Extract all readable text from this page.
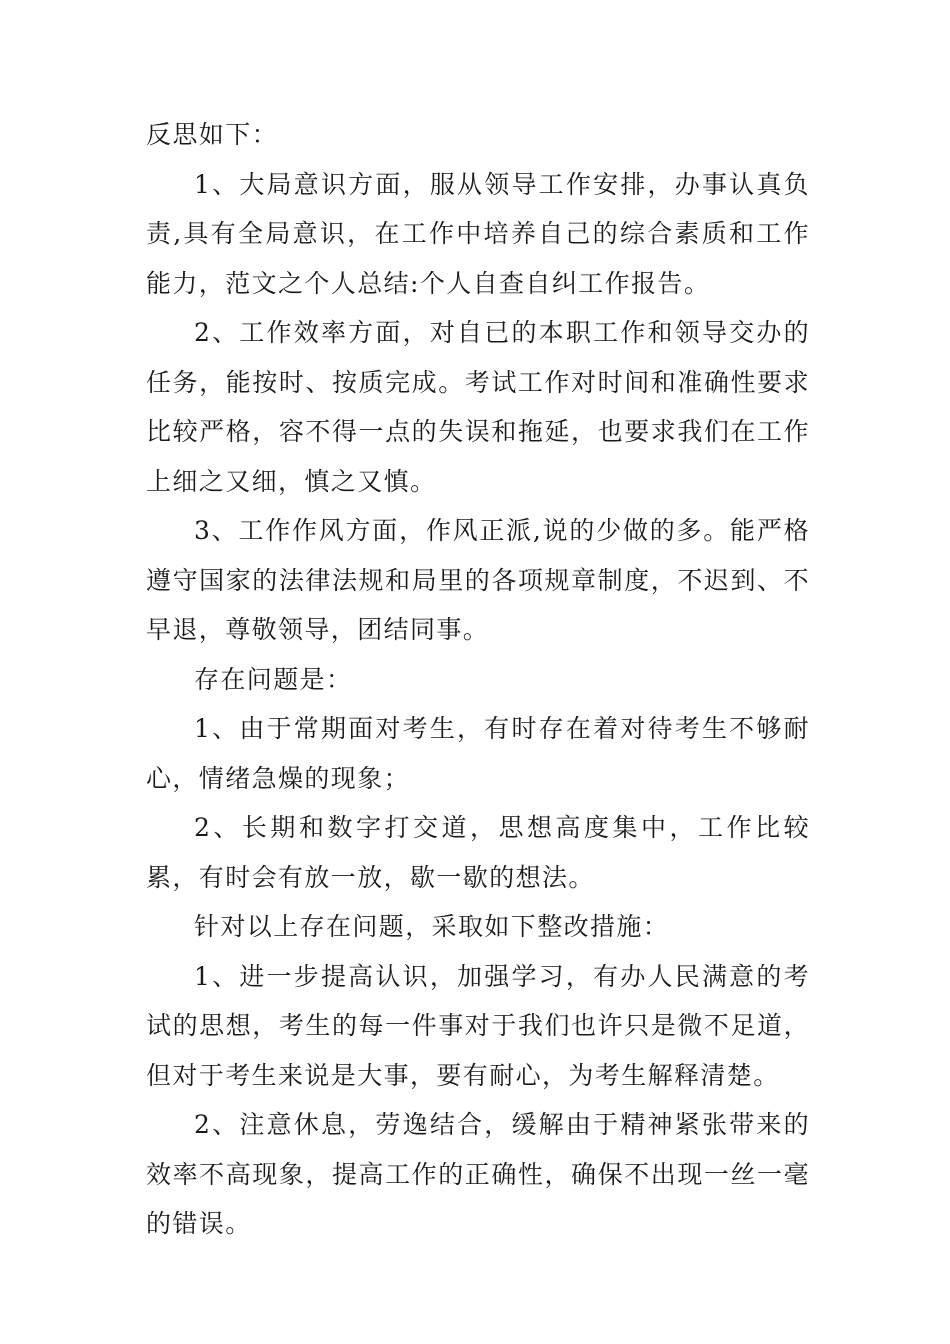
反思如下：

1、大局意识方面，服从领导工作安排，办事认真负责,具有全局意识，在工作中培养自己的综合素质和工作能力，范文之个人总结:个人自查自纠工作报告。

2、工作效率方面，对自已的本职工作和领导交办的任务，能按时、按质完成。考试工作对时间和准确性要求比较严格，容不得一点的失误和拖延，也要求我们在工作上细之又细，慎之又慎。

3、工作作风方面，作风正派,说的少做的多。能严格遵守国家的法律法规和局里的各项规章制度，不迟到、不早退，尊敬领导，团结同事。

存在问题是：

1、由于常期面对考生，有时存在着对待考生不够耐心，情绪急燥的现象；

2、长期和数字打交道，思想高度集中，工作比较累，有时会有放一放，歇一歇的想法。

针对以上存在问题，采取如下整改措施：

1、进一步提高认识，加强学习，有办人民满意的考试的思想，考生的每一件事对于我们也许只是微不足道，但对于考生来说是大事，要有耐心，为考生解释清楚。

2、注意休息，劳逸结合，缓解由于精神紧张带来的效率不高现象，提高工作的正确性，确保不出现一丝一毫的错误。
